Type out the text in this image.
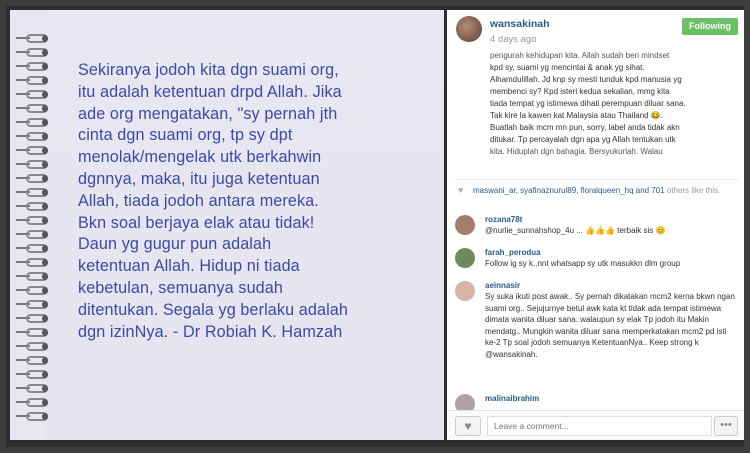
Sekiranya jodoh kita dgn suami org,
itu adalah ketentuan drpd Allah. Jika
ade org mengatakan, "sy pernah jth
cinta dgn suami org, tp sy dpt
menolak/mengelak utk berkahwin
dgnnya, maka, itu juga ketentuan
Allah, tiada jodoh antara mereka.
Bkn soal berjaya elak atau tidak!
Daun yg gugur pun adalah
ketentuan Allah. Hidup ni tiada
kebetulan, semuanya sudah
ditentukan. Segala yg berlaku adalah
dgn izinNya. - Dr Robiah K. Hamzah
wansakinah
4 days ago
Following
pengurah kehidupan kita. Allah sudah beri mindset
kpd sy, suami yg mencintai & anak yg sihat.
Alhamdulillah. Jd knp sy mesti tunduk kpd manusia yg
membenci sy? Kpd isteri kedua sekalian, mmg kita
tiada tempat yg istimewa dihati perempuan diluar sana.
Tak kire la kawen kat Malaysia atau Thailand 😂.
Buatlah baik mcm mn pun, sorry, label anda tidak akn
ditukar. Tp percayalah dgn apa yg Allah tentukan utk
kita. Hiduplah dgn bahagia. Bersyukurlah. Walau
♥	maswani_ar, syafinaznurul89, floralqueen_hq and 701 others like this.
rozana78t
@nurlie_sunnahshop_4u ... 👍👍👍 terbaik sis 😊
farah_perodua
Follow ig sy k..nnt whatsapp sy utk masukkn dlm group
aeinnasir
Sy suka ikuti post awak.. Sy pernah dikatakan mcm2 kerna bkwn ngan suami org.. Sejujurnye betul awk kata kt tidak ada tempat istimewa dimata wanita diluar sana..walaupun sy elak Tp jodoh itu Makin mendatg.. Mungkin wanita diluar sana memperkatakan mcm2 pd isti ke-2 Tp soal jodoh semuanya KetentuanNya.. Keep strong k @wansakinah.
malinaibrahim
♥
Leave a comment...	•••
